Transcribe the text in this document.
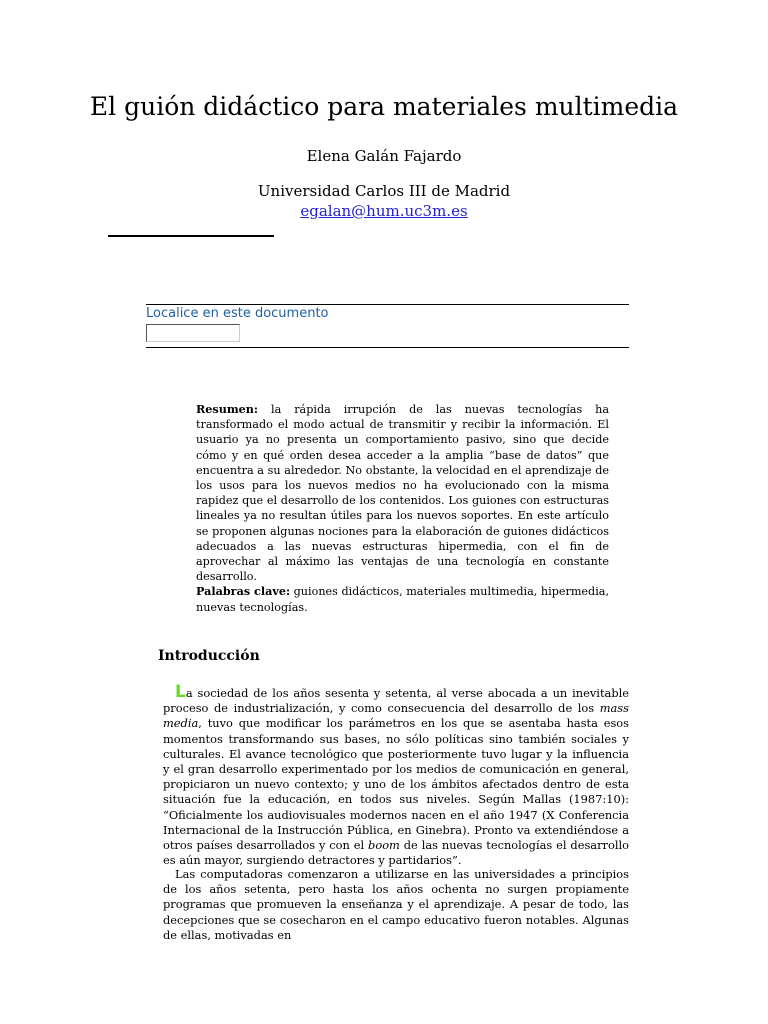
El guión didáctico para materiales multimedia
Elena Galán Fajardo
Universidad Carlos III de Madrid
egalan@hum.uc3m.es
Localice en este documento

Resumen: la rápida irrupción de las nuevas tecnologías ha transformado el modo actual de transmitir y recibir la información. El usuario ya no presenta un comportamiento pasivo, sino que decide cómo y en qué orden desea acceder a la amplia “base de datos” que encuentra a su alrededor. No obstante, la velocidad en el aprendizaje de los usos para los nuevos medios no ha evolucionado con la misma rapidez que el desarrollo de los contenidos. Los guiones con estructuras lineales ya no resultan útiles para los nuevos soportes. En este artículo se proponen algunas nociones para la elaboración de guiones didácticos adecuados a las nuevas estructuras hipermedia, con el fin de aprovechar al máximo las ventajas de una tecnología en constante desarrollo.

Palabras clave: guiones didácticos, materiales multimedia, hipermedia, nuevas tecnologías.

Introducción

La sociedad de los años sesenta y setenta, al verse abocada a un inevitable proceso de industrialización, y como consecuencia del desarrollo de los mass media, tuvo que modificar los parámetros en los que se asentaba hasta esos momentos transformando sus bases, no sólo políticas sino también sociales y culturales. El avance tecnológico que posteriormente tuvo lugar y la influencia y el gran desarrollo experimentado por los medios de comunicación en general, propiciaron un nuevo contexto; y uno de los ámbitos afectados dentro de esta situación fue la educación, en todos sus niveles. Según Mallas (1987:10): “Oficialmente los audiovisuales modernos nacen en el año 1947 (X Conferencia Internacional de la Instrucción Pública, en Ginebra). Pronto va extendiéndose a otros países desarrollados y con el boom de las nuevas tecnologías el desarrollo es aún mayor, surgiendo detractores y partidarios”.

Las computadoras comenzaron a utilizarse en las universidades a principios de los años setenta, pero hasta los años ochenta no surgen propiamente programas que promueven la enseñanza y el aprendizaje. A pesar de todo, las decepciones que se cosecharon en el campo educativo fueron notables. Algunas de ellas, motivadas en
